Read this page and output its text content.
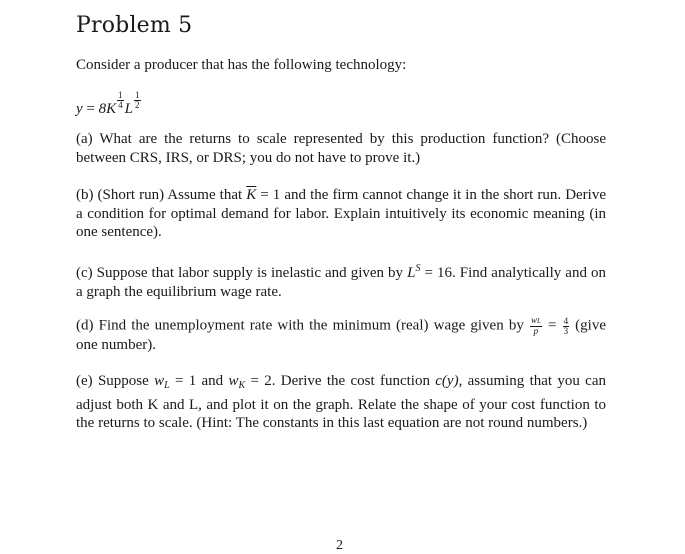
Problem 5
Consider a producer that has the following technology:
$y = 8K \frac{1}{4}$ L $\frac{1}{2}$
(a) What are the returns to scale represented by this production function? (Choose between CRS, IRS, or DRS; you do not have to prove it.)
(b) (Short run) Assume that $\overline{K} = 1$ and the firm cannot change it in the short run. Derive a condition for optimal demand for labor. Explain intuitively its economic meaning (in one sentence).
(c) Suppose that labor supply is inelastic and given by $L^S = 16$. Find analytically and on a graph the equilibrium wage rate.
(d) Find the unemployment rate with the minimum (real) wage given by $\frac{wL}{p} = \frac{4}{3}$ (give one number).
(e) Suppose $w_L = 1$ and $w_K = 2$. Derive the cost function c(y), assuming that you can adjust both K and L, and plot it on the graph. Relate the shape of your cost function to the returns to scale. (Hint: The constants in this last equation are not round numbers.)
2
